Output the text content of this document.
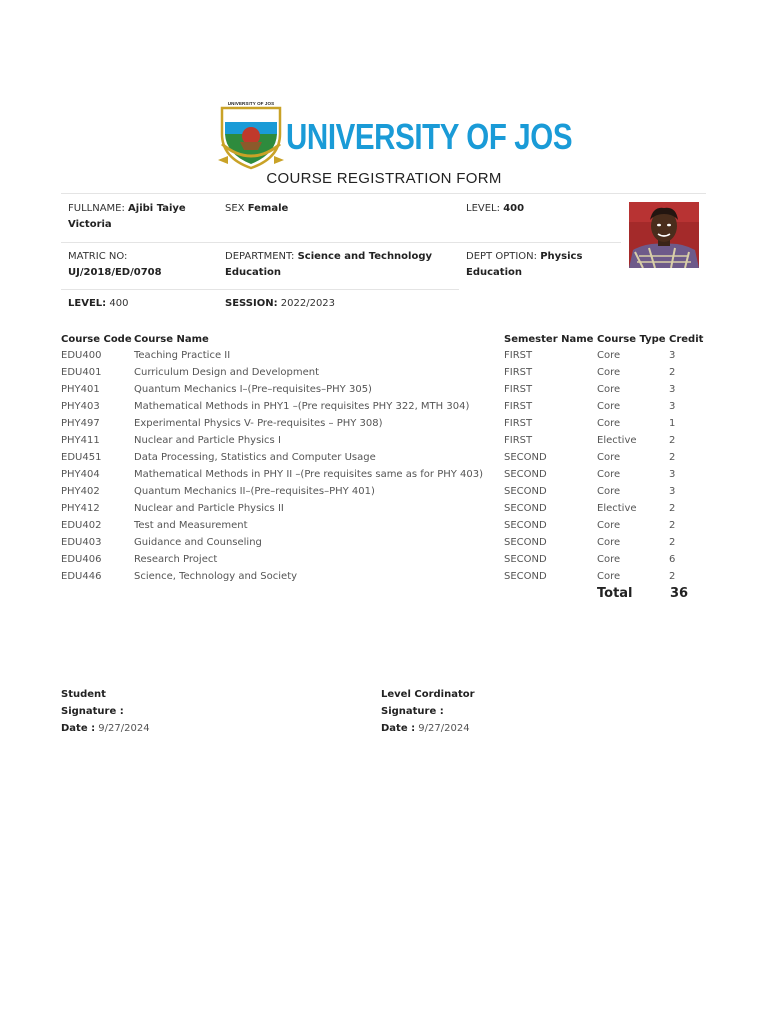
UNIVERSITY OF JOS
UNIVERSITY OF JOS
COURSE REGISTRATION FORM
FULLNAME: Ajibi Taiye
Victoria
SEX Female	LEVEL: 400
MATRIC NO:
UJ/2018/ED/0708
DEPARTMENT: Science and Technology
Education
DEPT OPTION: Physics
Education
LEVEL: 400	SESSION: 2022/2023
Course Code Course Name	Semester Name Course Type Credit
EDU400	Teaching Practice II	FIRST	Core	3
EDU401	Curriculum Design and Development	FIRST	Core	2
PHY401	Quantum Mechanics I–(Pre–requisites–PHY 305)	FIRST	Core	3
PHY403	Mathematical Methods in PHY1 –(Pre requisites PHY 322, MTH 304)	FIRST	Core	3
PHY497	Experimental Physics V- Pre-requisites – PHY 308)	FIRST	Core	1
PHY411	Nuclear and Particle Physics I	FIRST	Elective	2
EDU451	Data Processing, Statistics and Computer Usage	SECOND	Core	2
PHY404	Mathematical Methods in PHY II –(Pre requisites same as for PHY 403) SECOND	Core	3
PHY402	Quantum Mechanics II–(Pre–requisites–PHY 401)	SECOND	Core	3
PHY412	Nuclear and Particle Physics II	SECOND	Elective	2
EDU402	Test and Measurement	SECOND	Core	2
EDU403	Guidance and Counseling	SECOND	Core	2
EDU406	Research Project	SECOND	Core	6
EDU446	Science, Technology and Society	SECOND	Core	2
Total	36
Student
Signature :
Date : 9/27/2024
Level Cordinator
Signature :
Date : 9/27/2024
